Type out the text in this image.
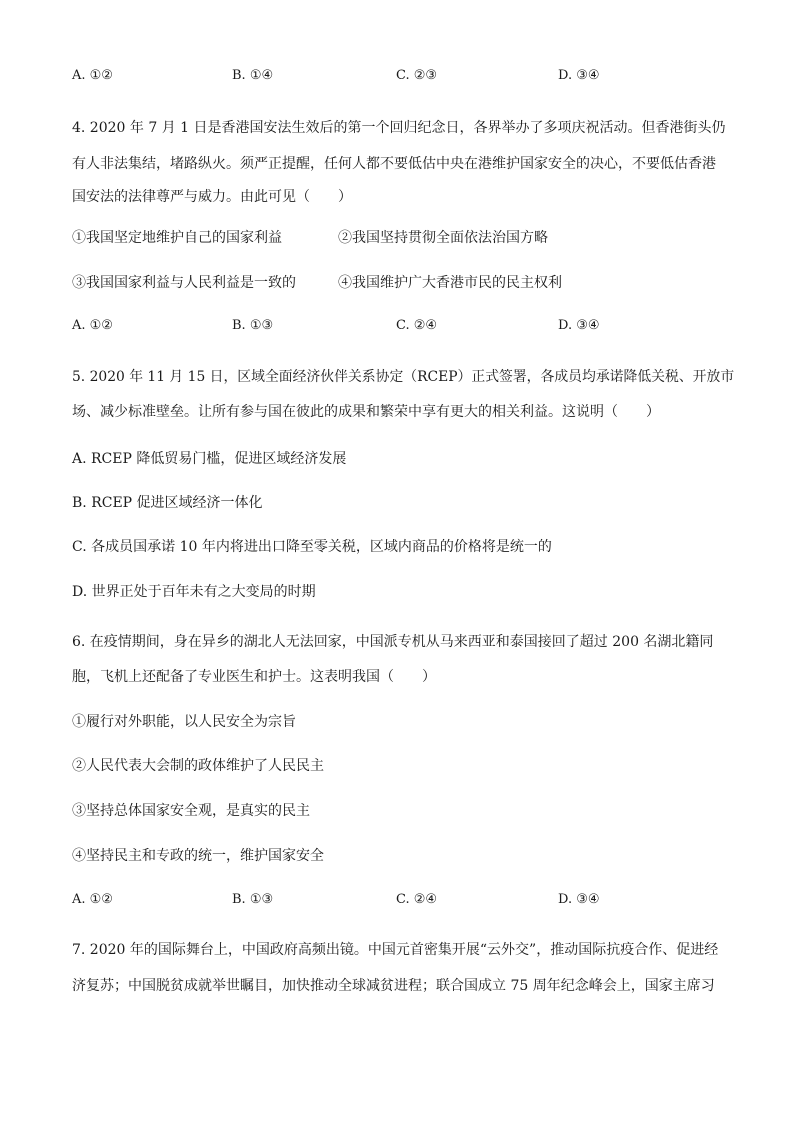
A. ①②	B. ①④	C. ②③	D. ③④
4. 2020 年 7 月 1 日是香港国安法生效后的第一个回归纪念日，各界举办了多项庆祝活动。但香港街头仍
有人非法集结，堵路纵火。须严正提醒，任何人都不要低估中央在港维护国家安全的决心，不要低估香港
国安法的法律尊严与威力。由此可见（　　）
①我国坚定地维护自己的国家利益	②我国坚持贯彻全面依法治国方略
③我国国家利益与人民利益是一致的	④我国维护广大香港市民的民主权利
A. ①②	B. ①③	C. ②④	D. ③④
5. 2020 年 11 月 15 日，区域全面经济伙伴关系协定（RCEP）正式签署，各成员均承诺降低关税、开放市
场、减少标准壁垒。让所有参与国在彼此的成果和繁荣中享有更大的相关利益。这说明（　　）
A. RCEP 降低贸易门槛，促进区域经济发展
B. RCEP 促进区域经济一体化
C. 各成员国承诺 10 年内将进出口降至零关税，区域内商品的价格将是统一的
D. 世界正处于百年未有之大变局的时期
6. 在疫情期间，身在异乡的湖北人无法回家，中国派专机从马来西亚和泰国接回了超过 200 名湖北籍同
胞，飞机上还配备了专业医生和护士。这表明我国（　　）
①履行对外职能，以人民安全为宗旨
②人民代表大会制的政体维护了人民民主
③坚持总体国家安全观，是真实的民主
④坚持民主和专政的统一，维护国家安全
A. ①②	B. ①③	C. ②④	D. ③④
7. 2020 年的国际舞台上，中国政府高频出镜。中国元首密集开展“云外交”，推动国际抗疫合作、促进经
济复苏；中国脱贫成就举世瞩目，加快推动全球减贫进程；联合国成立 75 周年纪念峰会上，国家主席习
